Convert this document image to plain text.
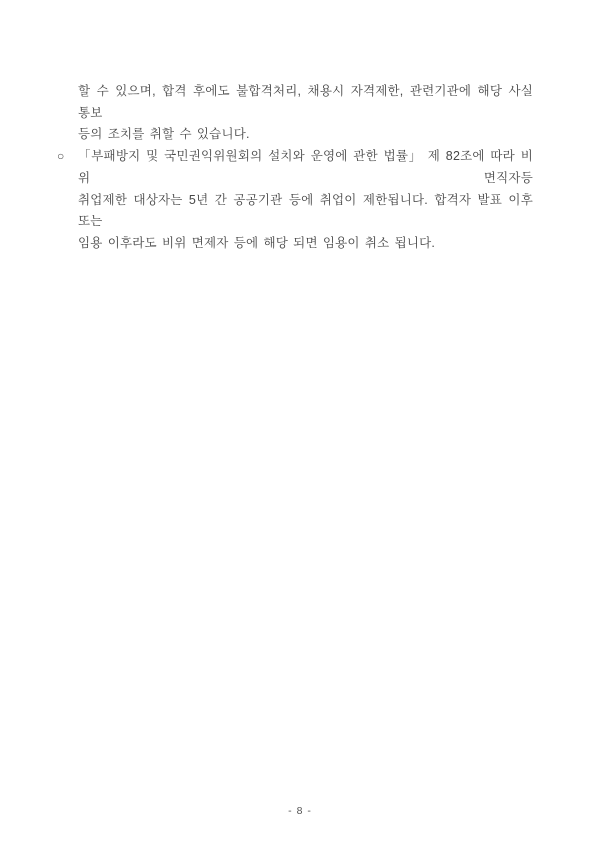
할 수 있으며, 합격 후에도 불합격처리, 채용시 자격제한, 관련기관에 해당 사실 통보
등의 조치를 취할 수 있습니다.
○ 「부패방지 및 국민권익위원회의 설치와 운영에 관한 법률」 제 82조에 따라 비위 면직자등
취업제한 대상자는 5년 간 공공기관 등에 취업이 제한됩니다. 합격자 발표 이후 또는
임용 이후라도 비위 면제자 등에 해당 되면 임용이 취소 됩니다.
- 8 -
